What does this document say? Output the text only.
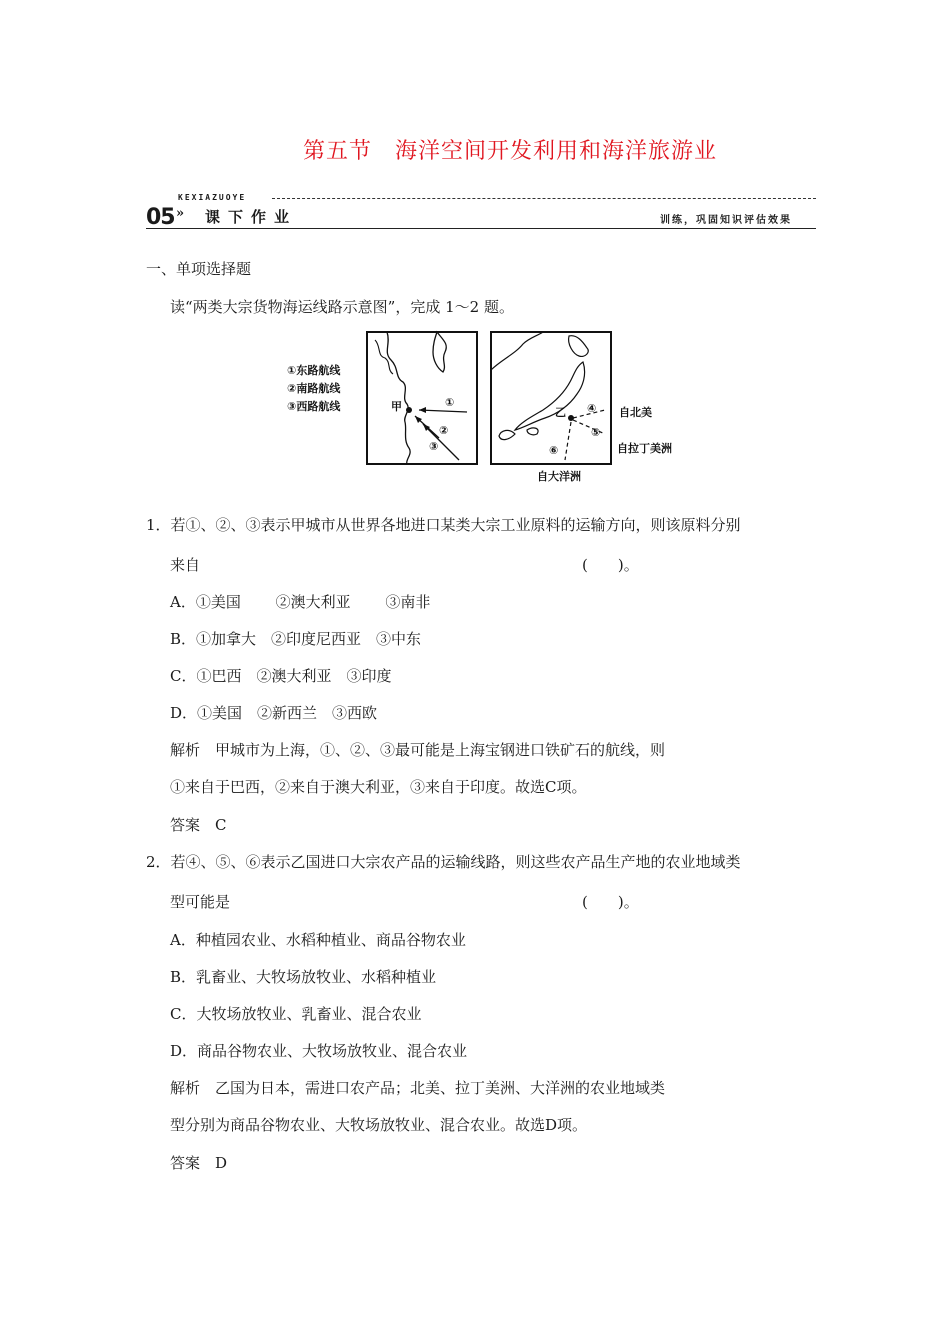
第五节　海洋空间开发利用和海洋旅游业
KEXIAZUOYE
05 » 课下作业	训练，巩固知识评估效果
一、单项选择题
读“两类大宗货物海运线路示意图”，完成 1～2 题。
①东路航线
②南路航线
③西路航线	甲	①
②
③
乙 ④
⑤
⑥
自北美
自拉丁美洲
自大洋洲
1．若①、②、③表示甲城市从世界各地进口某类大宗工业原料的运输方向，则该原料分别
来自	(　　)。
A．①美国　　 ②澳大利亚　　 ③南非
B．①加拿大　②印度尼西亚　③中东
C．①巴西　②澳大利亚　③印度
D．①美国　②新西兰　③西欧
解析　甲城市为上海，①、②、③最可能是上海宝钢进口铁矿石的航线，则
①来自于巴西，②来自于澳大利亚，③来自于印度。故选C项。
答案　C
2．若④、⑤、⑥表示乙国进口大宗农产品的运输线路，则这些农产品生产地的农业地域类
型可能是	(　　)。
A．种植园农业、水稻种植业、商品谷物农业
B．乳畜业、大牧场放牧业、水稻种植业
C．大牧场放牧业、乳畜业、混合农业
D．商品谷物农业、大牧场放牧业、混合农业
解析　乙国为日本，需进口农产品；北美、拉丁美洲、大洋洲的农业地域类
型分别为商品谷物农业、大牧场放牧业、混合农业。故选D项。
答案　D
